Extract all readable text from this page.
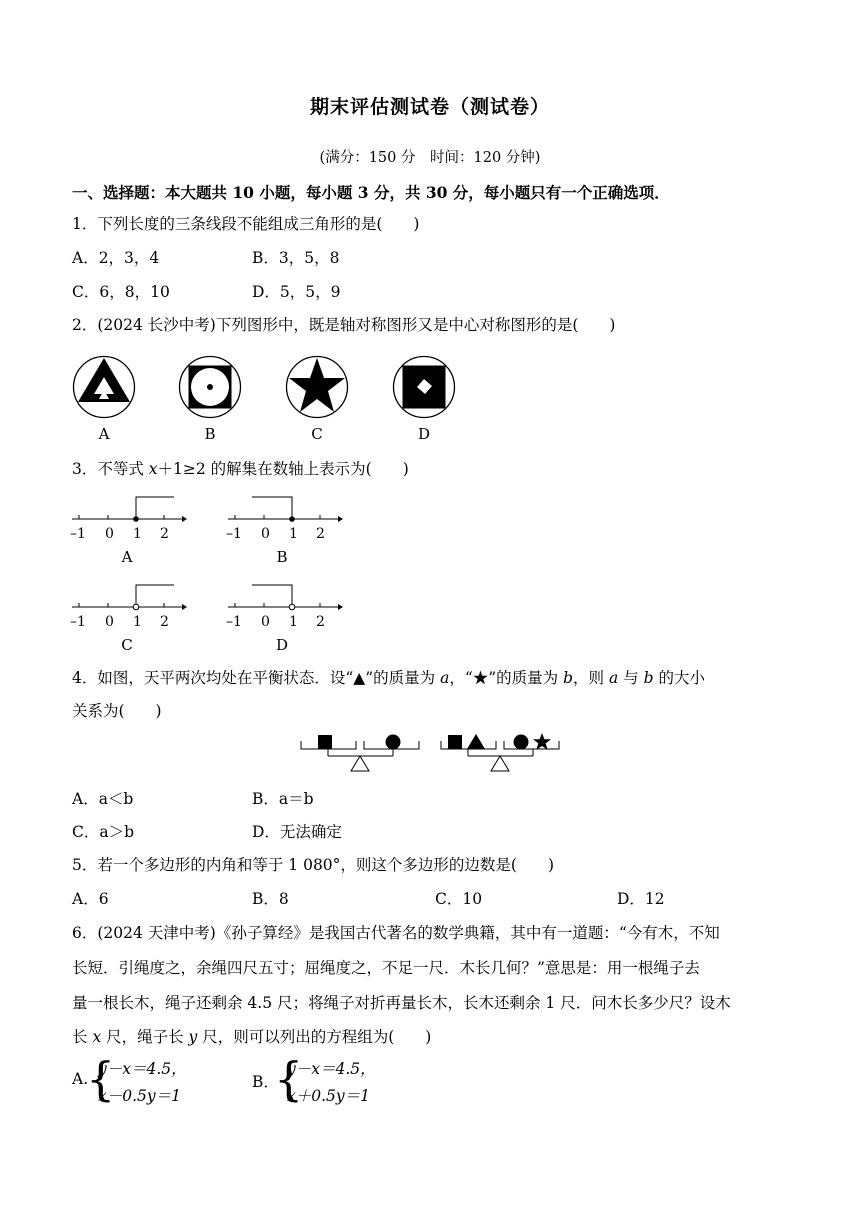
期末评估测试卷（测试卷）
(满分：150 分　时间：120 分钟)
一、选择题：本大题共 10 小题，每小题 3 分，共 30 分，每小题只有一个正确选项．
1．下列长度的三条线段不能组成三角形的是(　　)
A．2，3，4	B．3，5，8
C．6，8，10	D．5，5，9
2．(2024 长沙中考)下列图形中，既是轴对称图形又是中心对称图形的是(　　)
A	B	C	D
3．不等式 x＋1≥2 的解集在数轴上表示为(　　)
–1 0 1 2
A
–1 0 1 2
B
–1 0 1 2
C
–1 0 1 2
D
4．如图，天平两次均处在平衡状态．设“▲”的质量为 a，“★”的质量为 b，则 a 与 b 的大小
关系为(　　)
A．a＜b	B．a＝b
C．a＞b	D．无法确定
5．若一个多边形的内角和等于 1 080°，则这个多边形的边数是(　　)
A．6	B．8	C．10	D．12
6．(2024 天津中考)《孙子算经》是我国古代著名的数学典籍，其中有一道题：“今有木，不知
长短．引绳度之，余绳四尺五寸；屈绳度之，不足一尺．木长几何？”意思是：用一根绳子去
量一根长木，绳子还剩余 4.5 尺；将绳子对折再量长木，长木还剩余 1 尺．问木长多少尺？设木
长 x 尺，绳子长 y 尺，则可以列出的方程组为(　　)
A.
{
y－x＝4.5，
x－0.5y＝1
B．
{
y－x＝4.5，
x＋0.5y＝1
